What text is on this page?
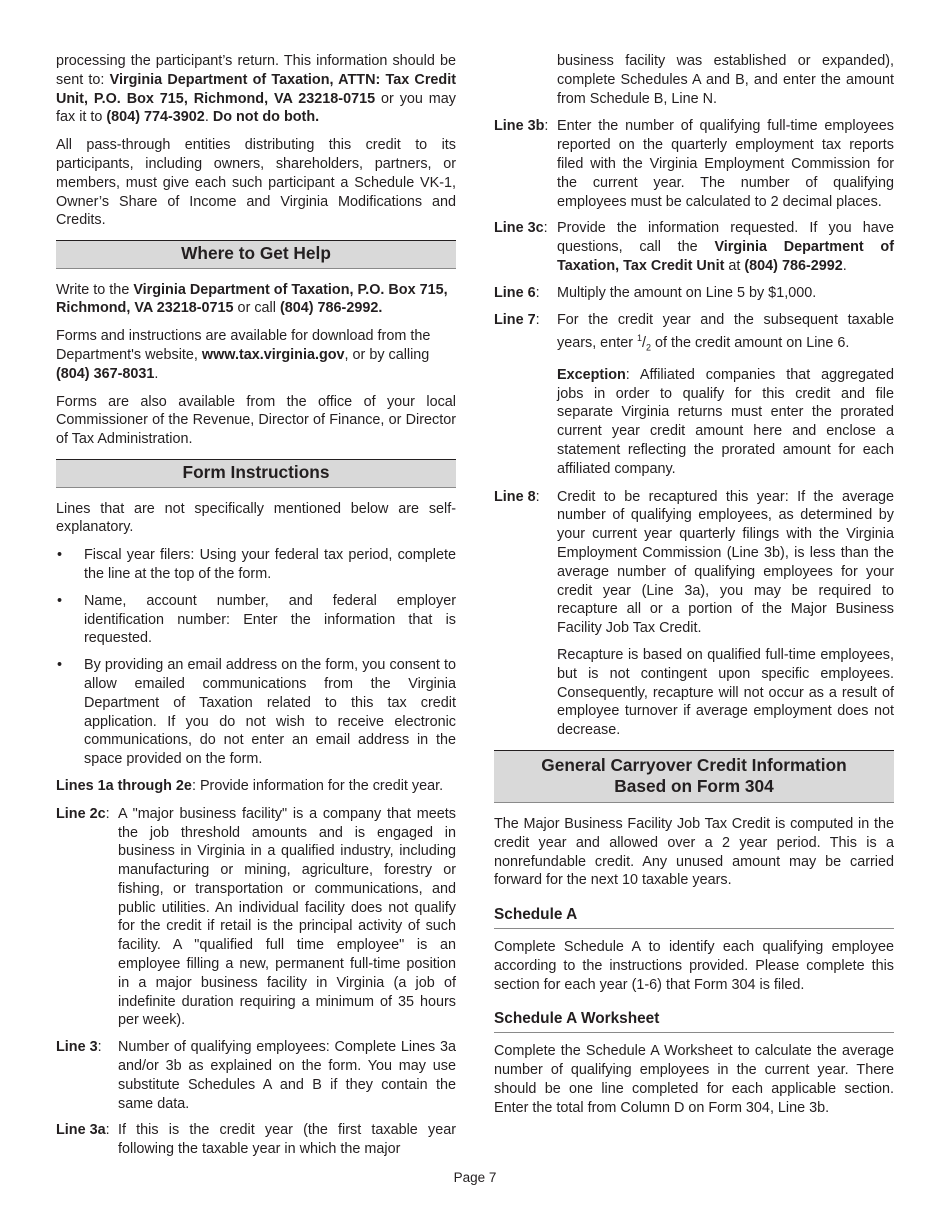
processing the participant’s return. This information should be sent to: Virginia Department of Taxation, ATTN: Tax Credit Unit, P.O. Box 715, Richmond, VA 23218-0715 or you may fax it to (804) 774-3902. Do not do both.

All pass-through entities distributing this credit to its participants, including owners, shareholders, partners, or members, must give each such participant a Schedule VK-1, Owner’s Share of Income and Virginia Modifications and Credits.

Where to Get Help

Write to the Virginia Department of Taxation, P.O. Box 715, Richmond, VA 23218-0715 or call (804) 786-2992.

Forms and instructions are available for download from the Department's website, www.tax.virginia.gov, or by calling (804) 367-8031.

Forms are also available from the office of your local Commissioner of the Revenue, Director of Finance, or Director of Tax Administration.

Form Instructions

Lines that are not specifically mentioned below are self-explanatory.

• Fiscal year filers: Using your federal tax period, complete the line at the top of the form.
• Name, account number, and federal employer identification number: Enter the information that is requested.
• By providing an email address on the form, you consent to allow emailed communications from the Virginia Department of Taxation related to this tax credit application. If you do not wish to receive electronic communications, do not enter an email address in the space provided on the form.

Lines 1a through 2e: Provide information for the credit year.

Line 2c: A "major business facility" is a company that meets the job threshold amounts and is engaged in business in Virginia in a qualified industry, including manufacturing or mining, agriculture, forestry or fishing, or transportation or communications, and public utilities. An individual facility does not qualify for the credit if retail is the principal activity of such facility. A "qualified full time employee" is an employee filling a new, permanent full-time position in a major business facility in Virginia (a job of indefinite duration requiring a minimum of 35 hours per week).
Line 3:	Number of qualifying employees: Complete Lines 3a and/or 3b as explained on the form. You may use substitute Schedules A and B if they contain the same data.
Line 3a: If this is the credit year (the first taxable year following the taxable year in which the major

business facility was established or expanded), complete Schedules A and B, and enter the amount from Schedule B, Line N.

Line 3b: Enter the number of qualifying full-time employees reported on the quarterly employment tax reports filed with the Virginia Employment Commission for the current year. The number of qualifying employees must be calculated to 2 decimal places.
Line 3c: Provide the information requested. If you have questions, call the Virginia Department of Taxation, Tax Credit Unit at (804) 786-2992.
Line 6:	Multiply the amount on Line 5 by $1,000.
Line 7:	For the credit year and the subsequent taxable years, enter $^1/_2$ of the credit amount on Line 6.

Exception: Affiliated companies that aggregated jobs in order to qualify for this credit and file separate Virginia returns must enter the prorated current year credit amount here and enclose a statement reflecting the prorated amount for each affiliated company.

Line 8:	Credit to be recaptured this year: If the average number of qualifying employees, as determined by your current year quarterly filings with the Virginia Employment Commission (Line 3b), is less than the average number of qualifying employees for your credit year (Line 3a), you may be required to recapture all or a portion of the Major Business Facility Job Tax Credit.

Recapture is based on qualified full-time employees, but is not contingent upon specific employees. Consequently, recapture will not occur as a result of employee turnover if average employment does not decrease.

General Carryover Credit Information
Based on Form 304

The Major Business Facility Job Tax Credit is computed in the credit year and allowed over a 2 year period. This is a nonrefundable credit. Any unused amount may be carried forward for the next 10 taxable years.

Schedule A

Complete Schedule A to identify each qualifying employee according to the instructions provided. Please complete this section for each year (1-6) that Form 304 is filed.

Schedule A Worksheet

Complete the Schedule A Worksheet to calculate the average number of qualifying employees in the current year. There should be one line completed for each applicable section. Enter the total from Column D on Form 304, Line 3b.

Page 7
